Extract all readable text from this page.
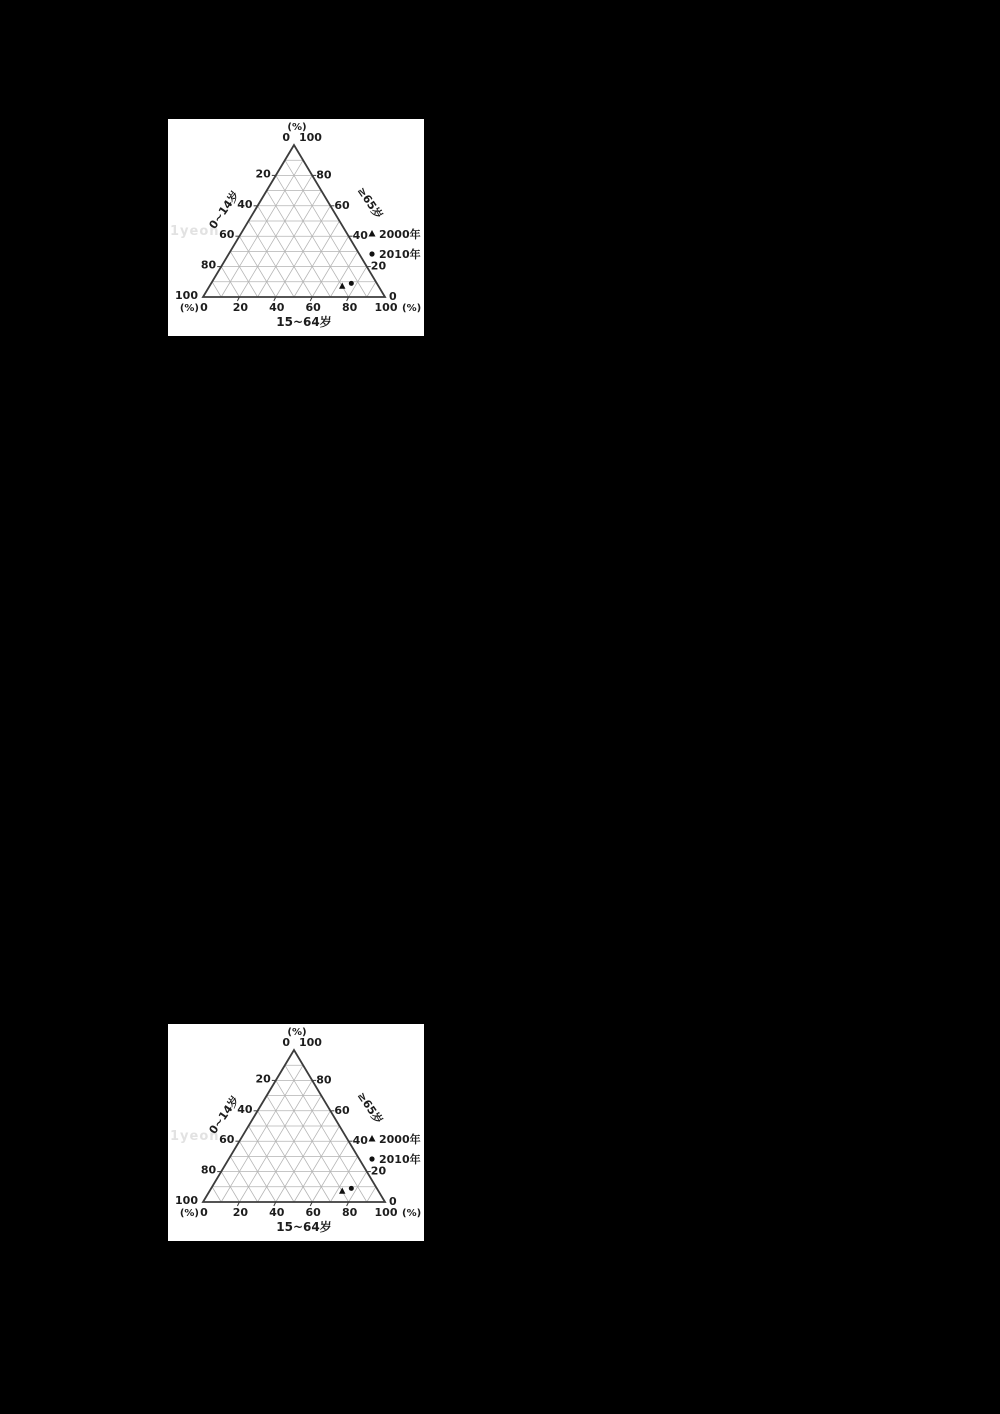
1yeon
0
20
40
60
80
100
100
80
60
40
20
0
0 20 40 60 80 100
(%)
(%)	(%)
0~14岁	≥65岁
15~64岁
2000年
2010年
1yeon
0
20
40
60
80
100
100
80
60
40
20
0
0 20 40 60 80 100
(%)
(%)	(%)
0~14岁	≥65岁
15~64岁
2000年
2010年
